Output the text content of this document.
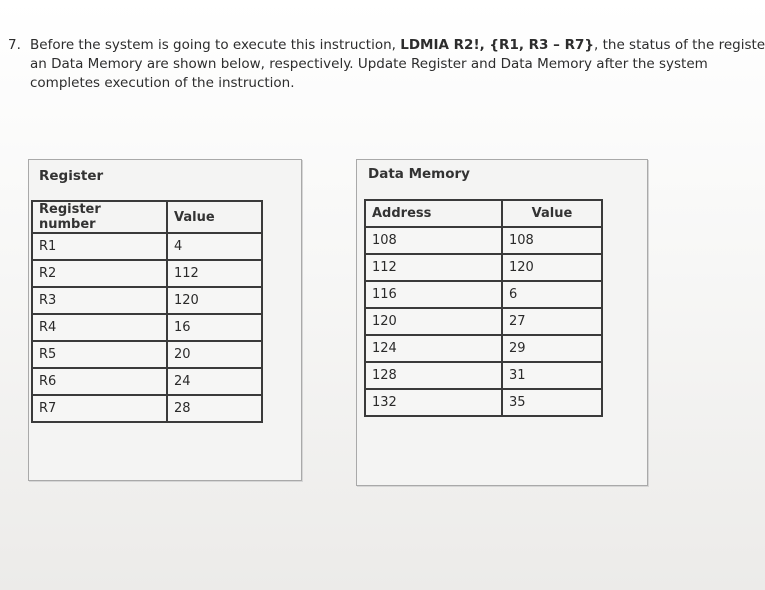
7. Before the system is going to execute this instruction, LDMIA R2!, {R1, R3 – R7}, the status of the registe
an Data Memory are shown below, respectively. Update Register and Data Memory after the system
completes execution of the instruction.
Register
Register number	Value
R1	4
R2	112
R3	120
R4	16
R5	20
R6	24
R7	28
Data Memory
Address	Value
108	108
112	120
116	6
120	27
124	29
128	31
132	35
